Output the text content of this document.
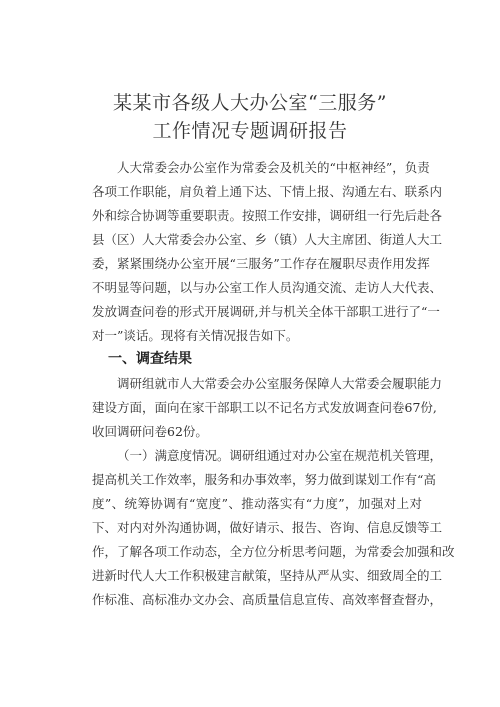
某某市各级人大办公室“三服务”
工作情况专题调研报告
人大常委会办公室作为常委会及机关的“中枢神经”，负责
各项工作职能，肩负着上通下达、下情上报、沟通左右、联系内
外和综合协调等重要职责。按照工作安排，调研组一行先后赴各
县（区）人大常委会办公室、乡（镇）人大主席团、街道人大工
委，紧紧围绕办公室开展“三服务”工作存在履职尽责作用发挥
不明显等问题，以与办公室工作人员沟通交流、走访人大代表、
发放调查问卷的形式开展调研,并与机关全体干部职工进行了“一
对一”谈话。现将有关情况报告如下。
一、调查结果
调研组就市人大常委会办公室服务保障人大常委会履职能力
建设方面，面向在家干部职工以不记名方式发放调查问卷67份,
收回调研问卷62份。
（一）满意度情况。调研组通过对办公室在规范机关管理，
提高机关工作效率，服务和办事效率，努力做到谋划工作有“高
度”、统筹协调有“宽度”、推动落实有“力度”，加强对上对
下、对内对外沟通协调，做好请示、报告、咨询、信息反馈等工
作，了解各项工作动态，全方位分析思考问题，为常委会加强和改
进新时代人大工作积极建言献策，坚持从严从实、细致周全的工
作标准、高标准办文办会、高质量信息宣传、高效率督查督办，
